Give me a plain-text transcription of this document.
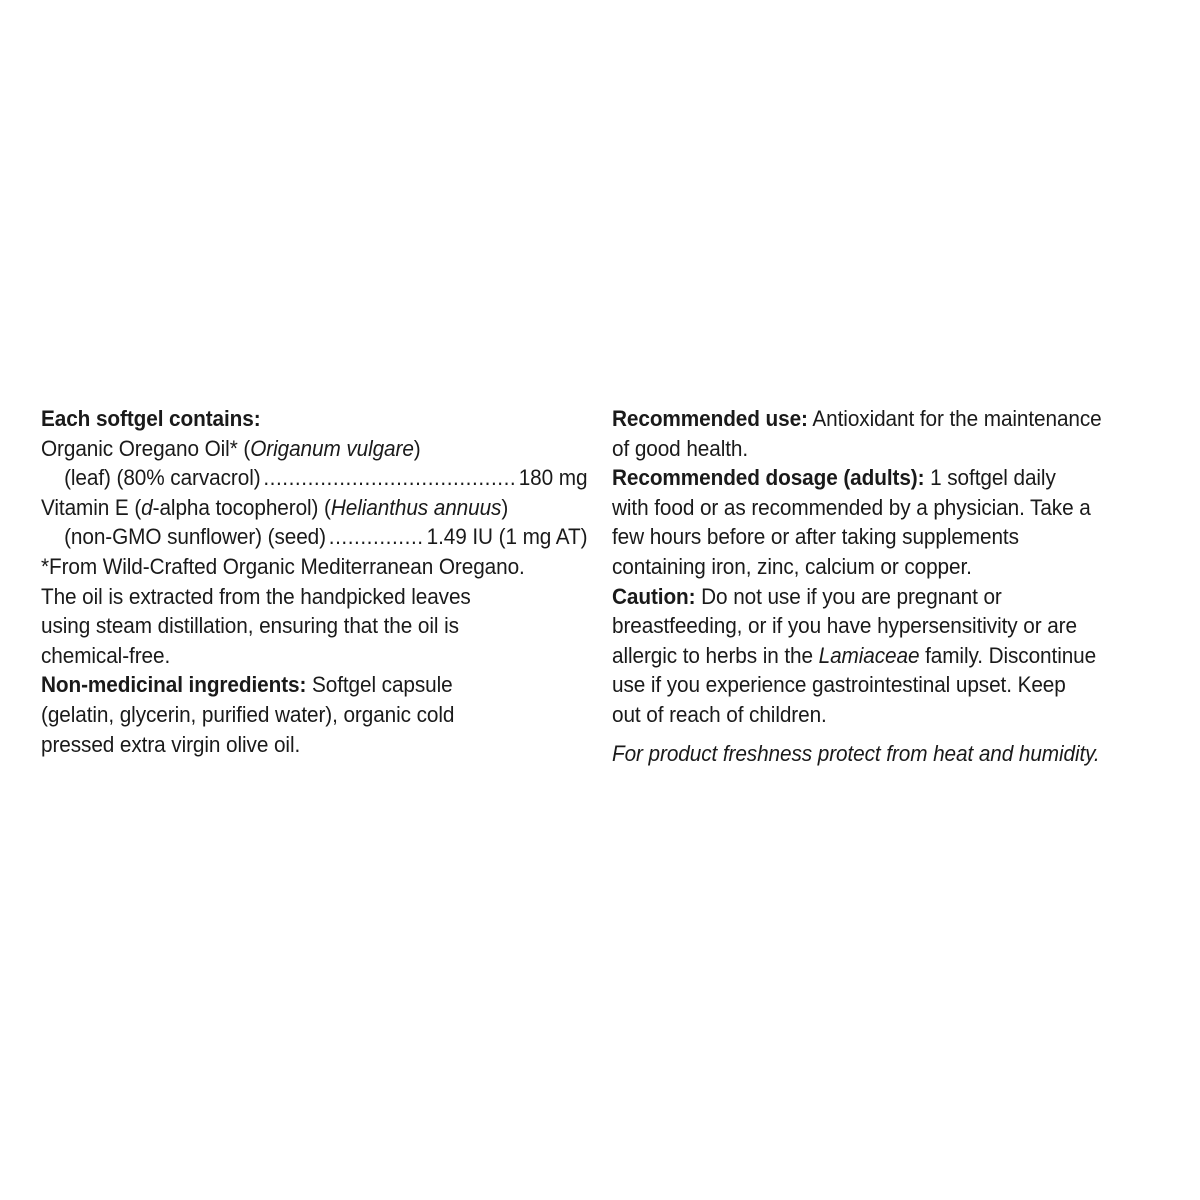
Each softgel contains:
Organic Oregano Oil* (Origanum vulgare)
(leaf) (80% carvacrol) .....	180 mg
Vitamin E (d-alpha tocopherol) (Helianthus annuus)
(non-GMO sunflower) (seed) .....	1.49 IU (1 mg AT)
*From Wild-Crafted Organic Mediterranean Oregano.
The oil is extracted from the handpicked leaves
using steam distillation, ensuring that the oil is
chemical-free.
Non-medicinal ingredients: Softgel capsule
(gelatin, glycerin, purified water), organic cold
pressed extra virgin olive oil.
Recommended use: Antioxidant for the maintenance
of good health.
Recommended dosage (adults): 1 softgel daily
with food or as recommended by a physician. Take a
few hours before or after taking supplements
containing iron, zinc, calcium or copper.
Caution: Do not use if you are pregnant or
breastfeeding, or if you have hypersensitivity or are
allergic to herbs in the Lamiaceae family. Discontinue
use if you experience gastrointestinal upset. Keep
out of reach of children.
For product freshness protect from heat and humidity.
